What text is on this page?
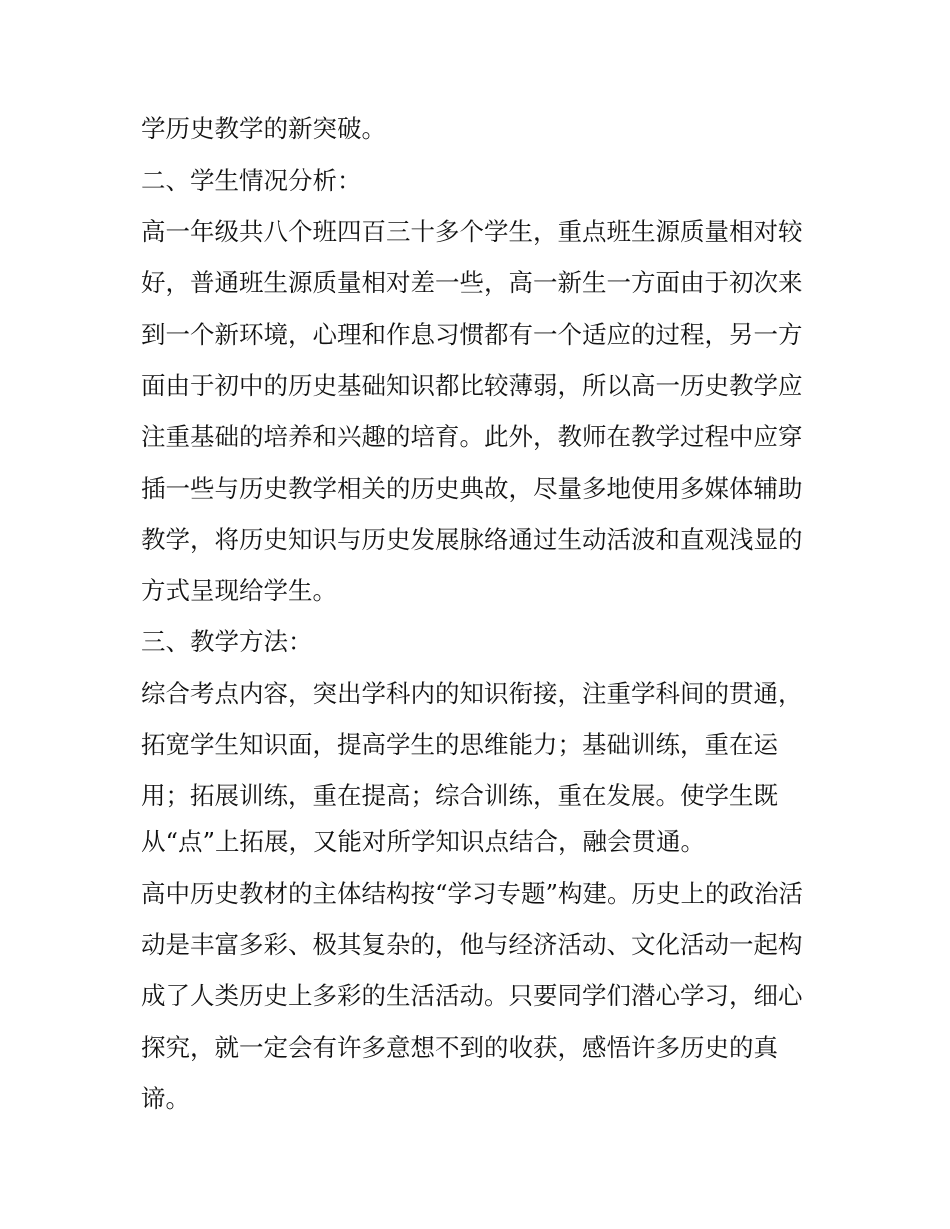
学历史教学的新突破。
二、学生情况分析：
高一年级共八个班四百三十多个学生，重点班生源质量相对较
好，普通班生源质量相对差一些，高一新生一方面由于初次来
到一个新环境，心理和作息习惯都有一个适应的过程，另一方
面由于初中的历史基础知识都比较薄弱，所以高一历史教学应
注重基础的培养和兴趣的培育。此外，教师在教学过程中应穿
插一些与历史教学相关的历史典故，尽量多地使用多媒体辅助
教学，将历史知识与历史发展脉络通过生动活波和直观浅显的
方式呈现给学生。
三、教学方法：
综合考点内容，突出学科内的知识衔接，注重学科间的贯通，
拓宽学生知识面，提高学生的思维能力；基础训练，重在运
用；拓展训练，重在提高；综合训练，重在发展。使学生既
从“点”上拓展，又能对所学知识点结合，融会贯通。
高中历史教材的主体结构按“学习专题”构建。历史上的政治活
动是丰富多彩、极其复杂的，他与经济活动、文化活动一起构
成了人类历史上多彩的生活活动。只要同学们潜心学习，细心
探究，就一定会有许多意想不到的收获，感悟许多历史的真
谛。
